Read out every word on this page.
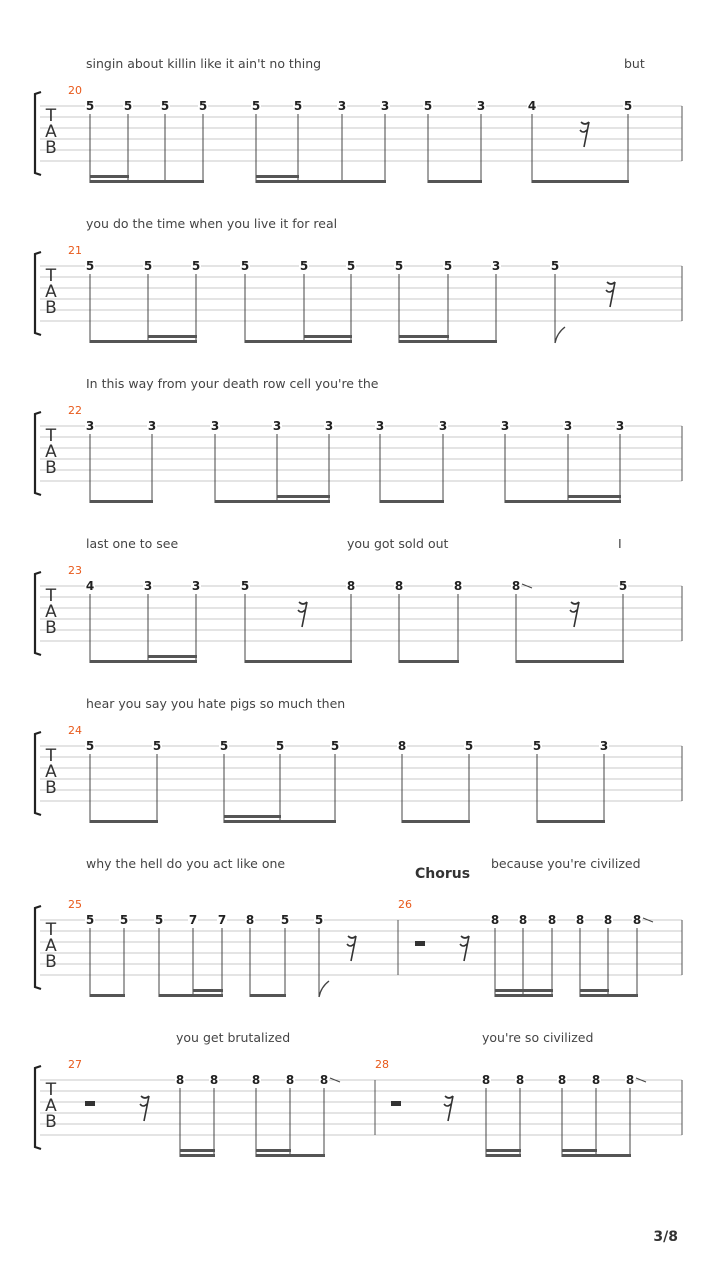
singin about killin like it ain't no thing	but
T
A
B
20
5 5 5 5	5	5	3	3	5	3	4	5
you do the time when you live it for real
T
A
B
21
5	5	5	5	5	5	5	5	3	5
In this way from your death row cell you're the
T
A
B
22
3	3	3	3	3	3	3	3	3	3
last one to see	you got sold out	I
T
A
B
23
4	3	3	5	8	8	8	8	5
hear you say you hate pigs so much then
T
A
B
24
5	5	5	5	5	8	5	5	3
why the hell do you act like one	because you're civilized
Chorus
T
A
B
25
5 5 5 7 7 8 5 5
26
8 8 8 8 8 8
you get brutalized	you're so civilized
T
A
B
27
8 8	8 8 8
28
8 8	8 8 8
3/8
